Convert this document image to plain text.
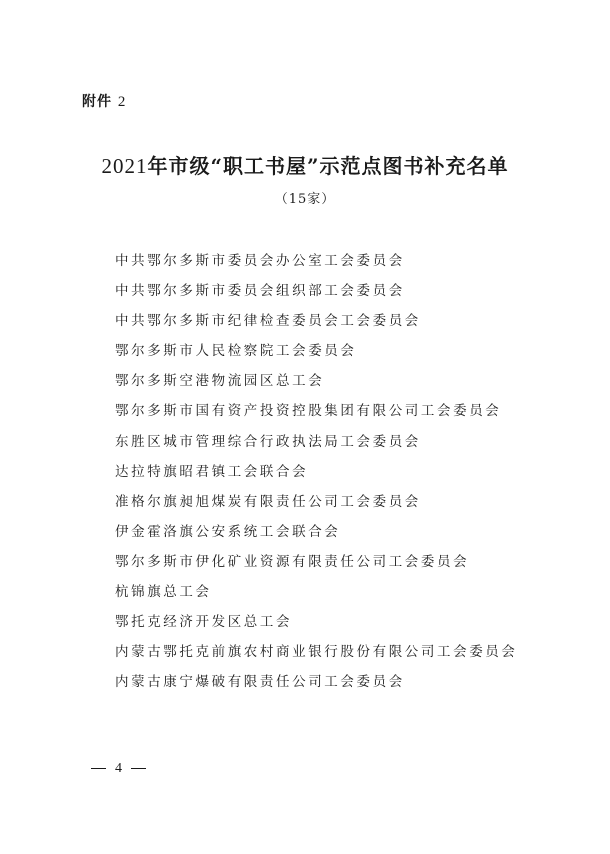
附件 2

2021年市级“职工书屋”示范点图书补充名单

（15家）

中共鄂尔多斯市委员会办公室工会委员会
中共鄂尔多斯市委员会组织部工会委员会
中共鄂尔多斯市纪律检查委员会工会委员会
鄂尔多斯市人民检察院工会委员会
鄂尔多斯空港物流园区总工会
鄂尔多斯市国有资产投资控股集团有限公司工会委员会
东胜区城市管理综合行政执法局工会委员会
达拉特旗昭君镇工会联合会
准格尔旗昶旭煤炭有限责任公司工会委员会
伊金霍洛旗公安系统工会联合会
鄂尔多斯市伊化矿业资源有限责任公司工会委员会
杭锦旗总工会
鄂托克经济开发区总工会
内蒙古鄂托克前旗农村商业银行股份有限公司工会委员会
内蒙古康宁爆破有限责任公司工会委员会

4
